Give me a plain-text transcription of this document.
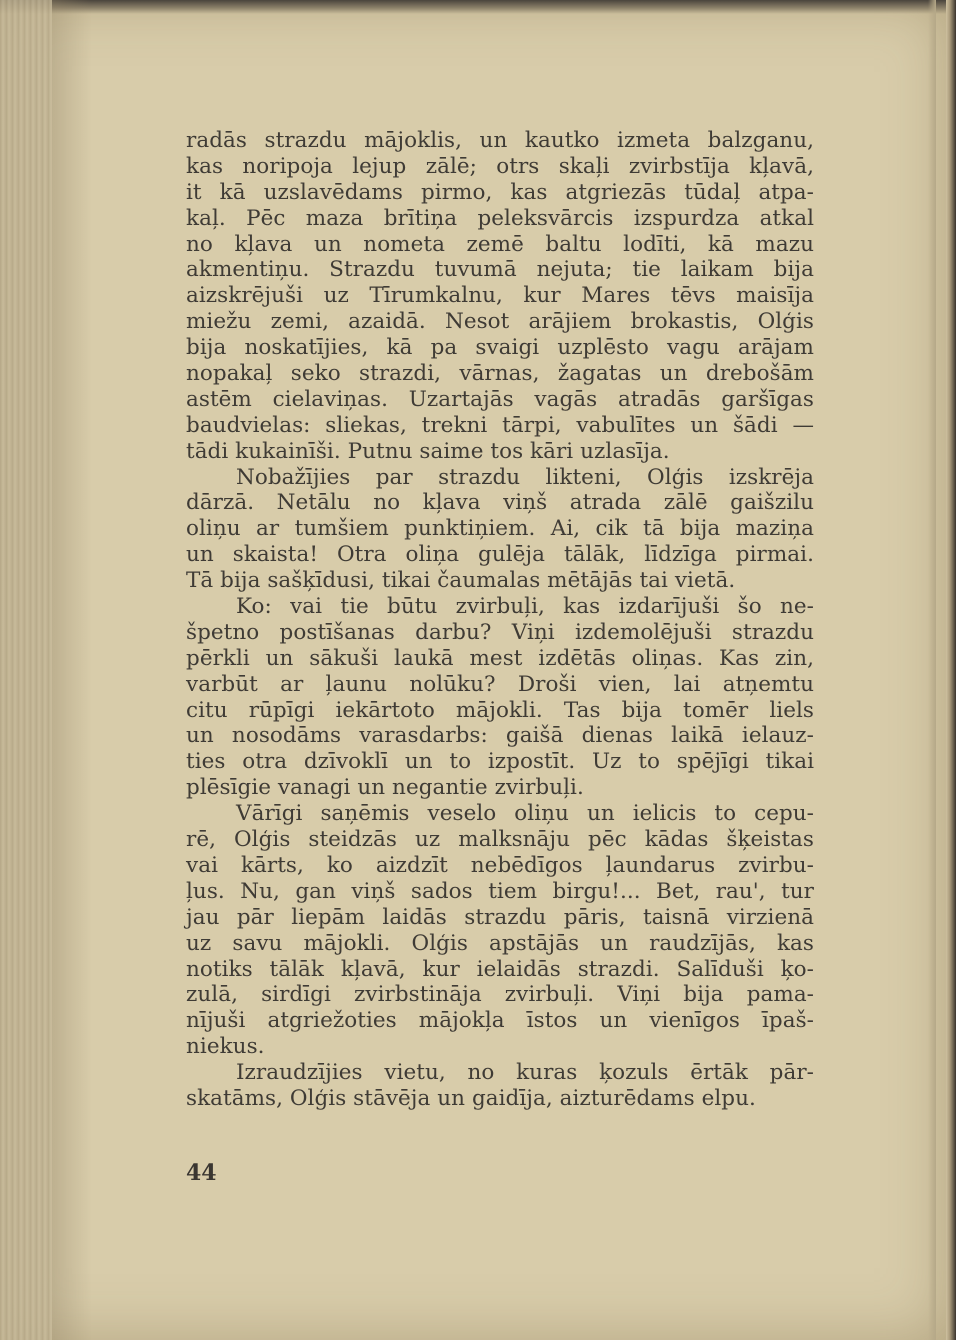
radās strazdu mājoklis, un kautko izmeta balzganu,
kas noripoja lejup zālē; otrs skaļi zvirbstīja kļavā,
it kā uzslavēdams pirmo, kas atgriezās tūdaļ atpa-
kaļ. Pēc maza brītiņa peleksvārcis izspurdza atkal
no kļava un nometa zemē baltu lodīti, kā mazu
akmentiņu. Strazdu tuvumā nejuta; tie laikam bija
aizskrējuši uz Tīrumkalnu, kur Mares tēvs maisīja
miežu zemi, azaidā. Nesot arājiem brokastis, Olģis
bija noskatījies, kā pa svaigi uzplēsto vagu arājam
nopakaļ seko strazdi, vārnas, žagatas un drebošām
astēm cielaviņas. Uzartajās vagās atradās garšīgas
baudvielas: sliekas, trekni tārpi, vabulītes un šādi —
tādi kukainīši. Putnu saime tos kāri uzlasīja.
Nobažījies par strazdu likteni, Olģis izskrēja
dārzā. Netālu no kļava viņš atrada zālē gaišzilu
oliņu ar tumšiem punktiņiem. Ai, cik tā bija maziņa
un skaista! Otra oliņa gulēja tālāk, līdzīga pirmai.
Tā bija sašķīdusi, tikai čaumalas mētājās tai vietā.
Ko: vai tie būtu zvirbuļi, kas izdarījuši šo ne-
špetno postīšanas darbu? Viņi izdemolējuši strazdu
pērkli un sākuši laukā mest izdētās oliņas. Kas zin,
varbūt ar ļaunu nolūku? Droši vien, lai atņemtu
citu rūpīgi iekārtoto mājokli. Tas bija tomēr liels
un nosodāms varasdarbs: gaišā dienas laikā ielauz-
ties otra dzīvoklī un to izpostīt. Uz to spējīgi tikai
plēsīgie vanagi un negantie zvirbuļi.
Vārīgi saņēmis veselo oliņu un ielicis to cepu-
rē, Olģis steidzās uz malksnāju pēc kādas šķeistas
vai kārts, ko aizdzīt nebēdīgos ļaundarus zvirbu-
ļus. Nu, gan viņš sados tiem birgu!... Bet, rau', tur
jau pār liepām laidās strazdu pāris, taisnā virzienā
uz savu mājokli. Olģis apstājās un raudzījās, kas
notiks tālāk kļavā, kur ielaidās strazdi. Salīduši ķo-
zulā, sirdīgi zvirbstināja zvirbuļi. Viņi bija pama-
nījuši atgriežoties mājokļa īstos un vienīgos īpaš-
niekus.
Izraudzījies vietu, no kuras ķozuls ērtāk pār-
skatāms, Olģis stāvēja un gaidīja, aizturēdams elpu.
44
